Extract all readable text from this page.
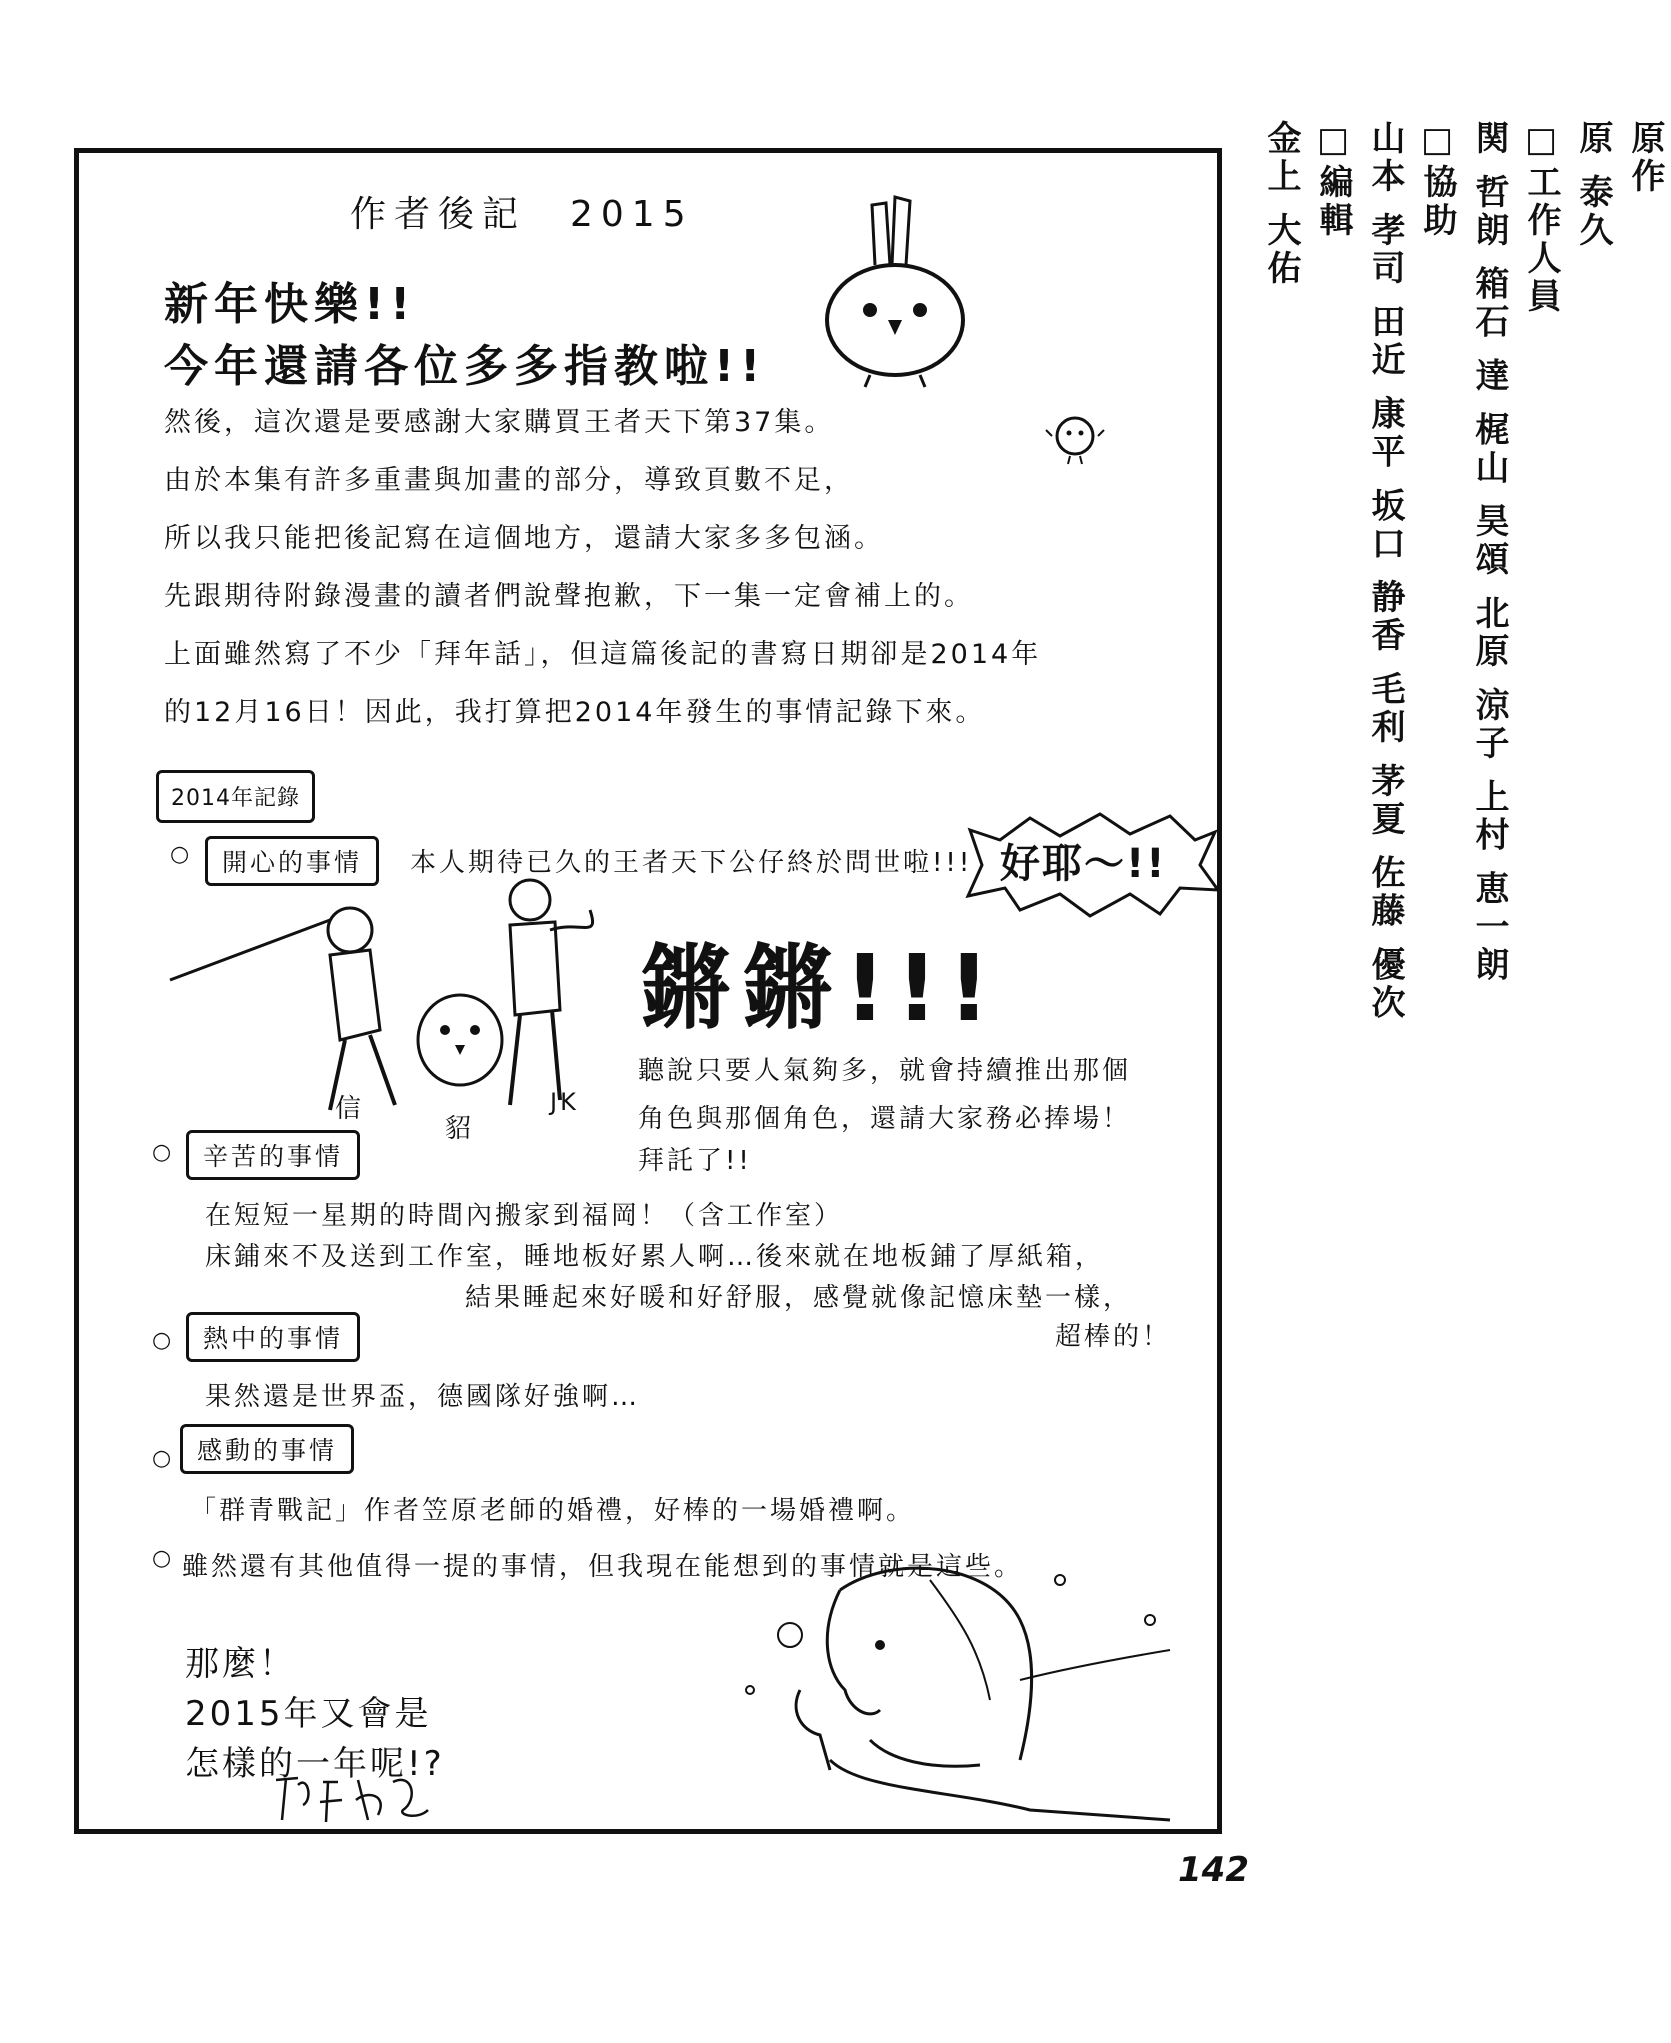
原作
原 泰久
□工作人員
関 哲朗 箱石 達 梶山 昊頌 北原 涼子 上村 恵一朗
□協助
山本 孝司 田近 康平 坂口 静香 毛利 茅夏 佐藤 優次
□編輯
金上 大佑
作者後記　2015
新年快樂!!
今年還請各位多多指教啦!!
然後，這次還是要感謝大家購買王者天下第37集。
由於本集有許多重畫與加畫的部分，導致頁數不足，
所以我只能把後記寫在這個地方，還請大家多多包涵。
先跟期待附錄漫畫的讀者們說聲抱歉，下一集一定會補上的。
上面雖然寫了不少「拜年話」，但這篇後記的書寫日期卻是2014年
的12月16日！因此，我打算把2014年發生的事情記錄下來。
2014年記錄
○	開心的事情	本人期待已久的王者天下公仔終於問世啦!!! 好耶～!!
信
貂
JK
鏘鏘!!!
聽說只要人氣夠多，就會持續推出那個
角色與那個角色，還請大家務必捧場！
拜託了!!
○	辛苦的事情
在短短一星期的時間內搬家到福岡！（含工作室）
床鋪來不及送到工作室，睡地板好累人啊…後來就在地板鋪了厚紙箱，
結果睡起來好暖和好舒服，感覺就像記憶床墊一樣，
超棒的！
○	熱中的事情
果然還是世界盃，德國隊好強啊…
○	感動的事情
「群青戰記」作者笠原老師的婚禮，好棒的一場婚禮啊。
○ 雖然還有其他值得一提的事情，但我現在能想到的事情就是這些。
那麼！
2015年又會是
怎樣的一年呢!?
142
